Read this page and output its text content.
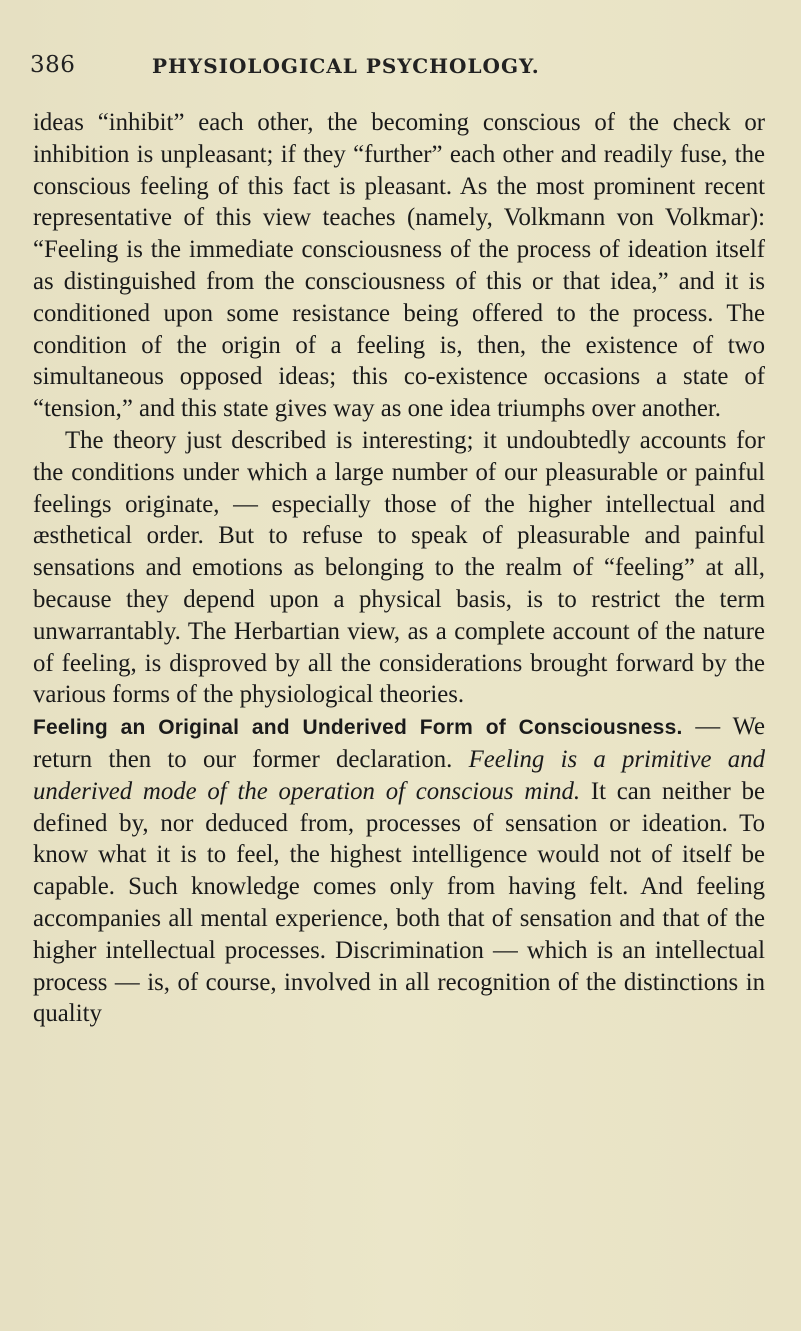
386	PHYSIOLOGICAL PSYCHOLOGY.

ideas “inhibit” each other, the becoming conscious of the check or inhibition is unpleasant; if they “further” each other and readily fuse, the conscious feeling of this fact is pleasant. As the most prominent recent representative of this view teaches (namely, Volkmann von Volkmar): “Feeling is the immediate consciousness of the process of ideation itself as distinguished from the consciousness of this or that idea,” and it is conditioned upon some resistance being offered to the process. The condition of the origin of a feeling is, then, the existence of two simultaneous opposed ideas; this co-existence occasions a state of “tension,” and this state gives way as one idea triumphs over another.

The theory just described is interesting; it undoubtedly accounts for the conditions under which a large number of our pleasurable or painful feelings originate, — especially those of the higher intellectual and æsthetical order. But to refuse to speak of pleasurable and painful sensations and emotions as belonging to the realm of “feeling” at all, because they depend upon a physical basis, is to restrict the term unwarrantably. The Herbartian view, as a complete account of the nature of feeling, is disproved by all the considerations brought forward by the various forms of the physiological theories.

Feeling an Original and Underived Form of Consciousness. — We return then to our former declaration. Feeling is a primitive and underived mode of the operation of conscious mind. It can neither be defined by, nor deduced from, processes of sensation or ideation. To know what it is to feel, the highest intelligence would not of itself be capable. Such knowledge comes only from having felt. And feeling accompanies all mental experience, both that of sensation and that of the higher intellectual processes. Discrimination — which is an intellectual process — is, of course, involved in all recognition of the distinctions in quality
